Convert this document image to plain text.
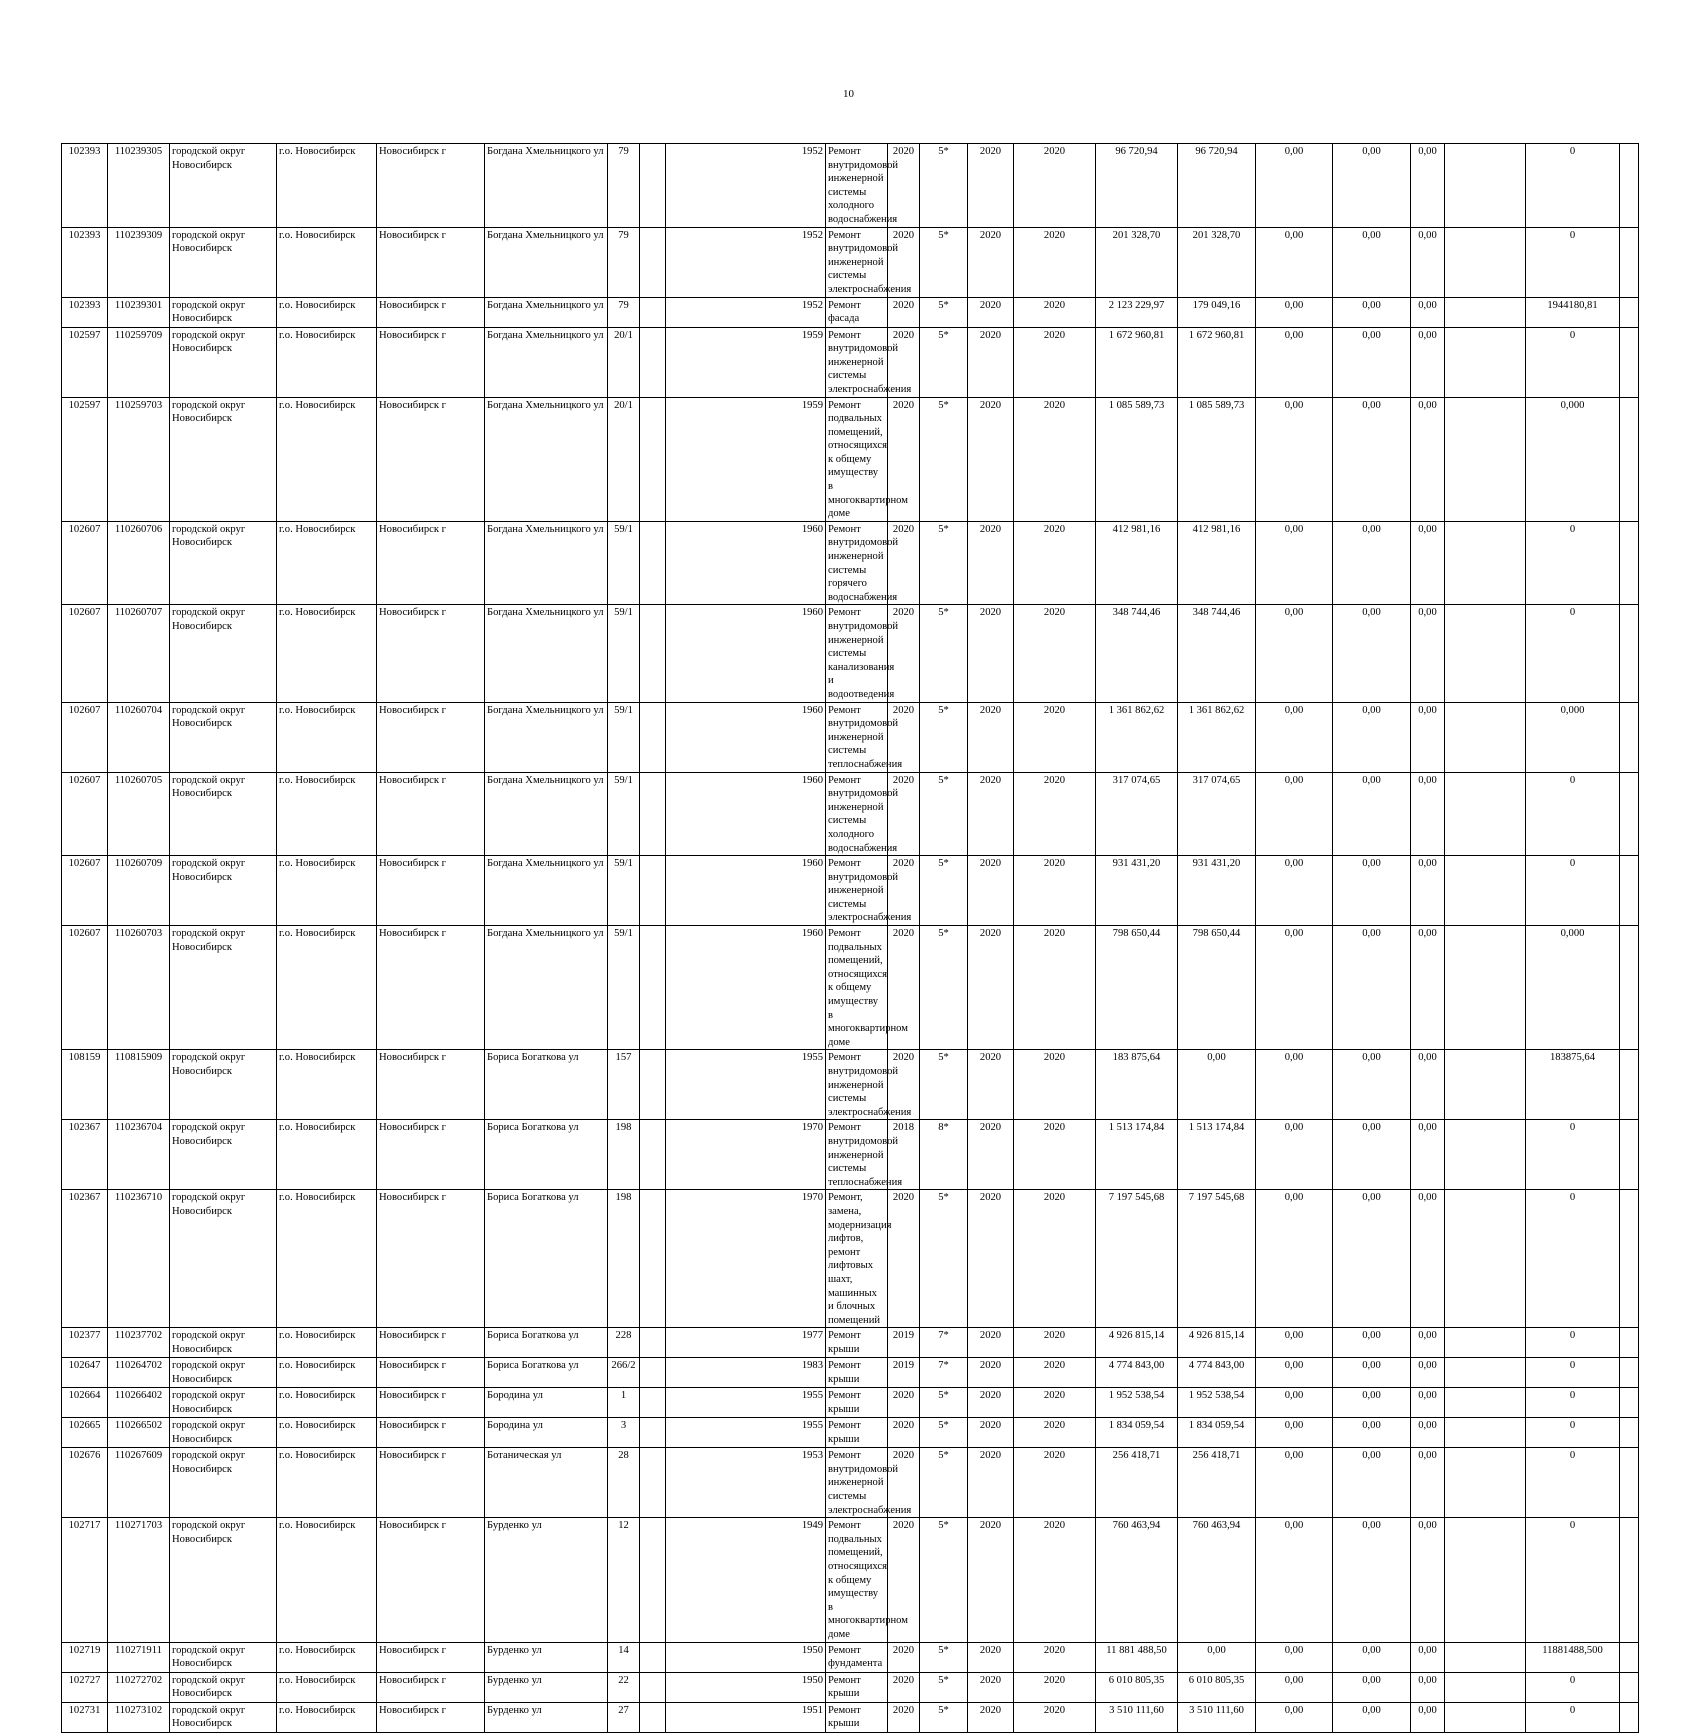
10
102393	110239305	городской округ Новосибирск	г.о. Новосибирск	Новосибирск г	Богдана Хмельницкого ул	79		1952	Ремонт внутридомовой инженерной системы холодного водоснабжения	2020	5*	2020	2020	96 720,94	96 720,94	0,00	0,00	0,00		0	
102393	110239309	городской округ Новосибирск	г.о. Новосибирск	Новосибирск г	Богдана Хмельницкого ул	79		1952	Ремонт внутридомовой инженерной системы электроснабжения	2020	5*	2020	2020	201 328,70	201 328,70	0,00	0,00	0,00		0	
102393	110239301	городской округ Новосибирск	г.о. Новосибирск	Новосибирск г	Богдана Хмельницкого ул	79		1952	Ремонт фасада	2020	5*	2020	2020	2 123 229,97	179 049,16	0,00	0,00	0,00		1944180,81	
102597	110259709	городской округ Новосибирск	г.о. Новосибирск	Новосибирск г	Богдана Хмельницкого ул	20/1		1959	Ремонт внутридомовой инженерной системы электроснабжения	2020	5*	2020	2020	1 672 960,81	1 672 960,81	0,00	0,00	0,00		0	
102597	110259703	городской округ Новосибирск	г.о. Новосибирск	Новосибирск г	Богдана Хмельницкого ул	20/1		1959	Ремонт подвальных помещений, относящихся к общему имуществу в многоквартирном доме	2020	5*	2020	2020	1 085 589,73	1 085 589,73	0,00	0,00	0,00		0,000	
102607	110260706	городской округ Новосибирск	г.о. Новосибирск	Новосибирск г	Богдана Хмельницкого ул	59/1		1960	Ремонт внутридомовой инженерной системы горячего водоснабжения	2020	5*	2020	2020	412 981,16	412 981,16	0,00	0,00	0,00		0	
102607	110260707	городской округ Новосибирск	г.о. Новосибирск	Новосибирск г	Богдана Хмельницкого ул	59/1		1960	Ремонт внутридомовой инженерной системы канализования и водоотведения	2020	5*	2020	2020	348 744,46	348 744,46	0,00	0,00	0,00		0	
102607	110260704	городской округ Новосибирск	г.о. Новосибирск	Новосибирск г	Богдана Хмельницкого ул	59/1		1960	Ремонт внутридомовой инженерной системы теплоснабжения	2020	5*	2020	2020	1 361 862,62	1 361 862,62	0,00	0,00	0,00		0,000	
102607	110260705	городской округ Новосибирск	г.о. Новосибирск	Новосибирск г	Богдана Хмельницкого ул	59/1		1960	Ремонт внутридомовой инженерной системы холодного водоснабжения	2020	5*	2020	2020	317 074,65	317 074,65	0,00	0,00	0,00		0	
102607	110260709	городской округ Новосибирск	г.о. Новосибирск	Новосибирск г	Богдана Хмельницкого ул	59/1		1960	Ремонт внутридомовой инженерной системы электроснабжения	2020	5*	2020	2020	931 431,20	931 431,20	0,00	0,00	0,00		0	
102607	110260703	городской округ Новосибирск	г.о. Новосибирск	Новосибирск г	Богдана Хмельницкого ул	59/1		1960	Ремонт подвальных помещений, относящихся к общему имуществу в многоквартирном доме	2020	5*	2020	2020	798 650,44	798 650,44	0,00	0,00	0,00		0,000	
108159	110815909	городской округ Новосибирск	г.о. Новосибирск	Новосибирск г	Бориса Богаткова ул	157		1955	Ремонт внутридомовой инженерной системы электроснабжения	2020	5*	2020	2020	183 875,64	0,00	0,00	0,00	0,00		183875,64	
102367	110236704	городской округ Новосибирск	г.о. Новосибирск	Новосибирск г	Бориса Богаткова ул	198		1970	Ремонт внутридомовой инженерной системы теплоснабжения	2018	8*	2020	2020	1 513 174,84	1 513 174,84	0,00	0,00	0,00		0	
102367	110236710	городской округ Новосибирск	г.о. Новосибирск	Новосибирск г	Бориса Богаткова ул	198		1970	Ремонт, замена, модернизация лифтов, ремонт лифтовых шахт, машинных и блочных помещений	2020	5*	2020	2020	7 197 545,68	7 197 545,68	0,00	0,00	0,00		0	
102377	110237702	городской округ Новосибирск	г.о. Новосибирск	Новосибирск г	Бориса Богаткова ул	228		1977	Ремонт крыши	2019	7*	2020	2020	4 926 815,14	4 926 815,14	0,00	0,00	0,00		0	
102647	110264702	городской округ Новосибирск	г.о. Новосибирск	Новосибирск г	Бориса Богаткова ул	266/2		1983	Ремонт крыши	2019	7*	2020	2020	4 774 843,00	4 774 843,00	0,00	0,00	0,00		0	
102664	110266402	городской округ Новосибирск	г.о. Новосибирск	Новосибирск г	Бородина ул	1		1955	Ремонт крыши	2020	5*	2020	2020	1 952 538,54	1 952 538,54	0,00	0,00	0,00		0	
102665	110266502	городской округ Новосибирск	г.о. Новосибирск	Новосибирск г	Бородина ул	3		1955	Ремонт крыши	2020	5*	2020	2020	1 834 059,54	1 834 059,54	0,00	0,00	0,00		0	
102676	110267609	городской округ Новосибирск	г.о. Новосибирск	Новосибирск г	Ботаническая ул	28		1953	Ремонт внутридомовой инженерной системы электроснабжения	2020	5*	2020	2020	256 418,71	256 418,71	0,00	0,00	0,00		0	
102717	110271703	городской округ Новосибирск	г.о. Новосибирск	Новосибирск г	Бурденко ул	12		1949	Ремонт подвальных помещений, относящихся к общему имуществу в многоквартирном доме	2020	5*	2020	2020	760 463,94	760 463,94	0,00	0,00	0,00		0	
102719	110271911	городской округ Новосибирск	г.о. Новосибирск	Новосибирск г	Бурденко ул	14		1950	Ремонт фундамента	2020	5*	2020	2020	11 881 488,50	0,00	0,00	0,00	0,00		11881488,500	
102727	110272702	городской округ Новосибирск	г.о. Новосибирск	Новосибирск г	Бурденко ул	22		1950	Ремонт крыши	2020	5*	2020	2020	6 010 805,35	6 010 805,35	0,00	0,00	0,00		0	
102731	110273102	городской округ Новосибирск	г.о. Новосибирск	Новосибирск г	Бурденко ул	27		1951	Ремонт крыши	2020	5*	2020	2020	3 510 111,60	3 510 111,60	0,00	0,00	0,00		0	
